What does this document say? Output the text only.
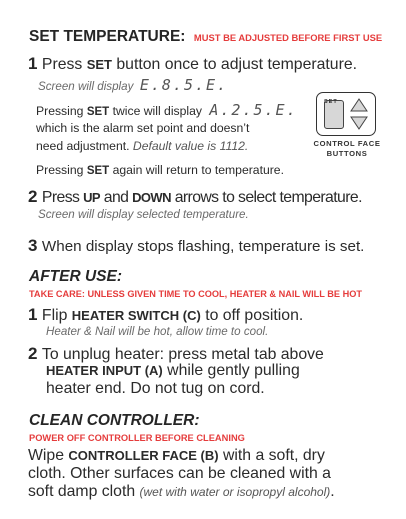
SET TEMPERATURE: MUST BE ADJUSTED BEFORE FIRST USE
1 Press SET button once to adjust temperature.
Screen will display E.8.5.E.
Pressing SET twice will display A.2.5.E.
which is the alarm set point and doesn’t
need adjustment. Default value is 1112.
Pressing SET again will return to temperature.
SET
CONTROL FACE
BUTTONS
2 Press UP and DOWN arrows to select temperature.
Screen will display selected temperature.
3 When display stops flashing, temperature is set.
AFTER USE:
TAKE CARE: UNLESS GIVEN TIME TO COOL, HEATER & NAIL WILL BE HOT
1 Flip HEATER SWITCH (C) to off position.
Heater & Nail will be hot, allow time to cool.
2 To unplug heater: press metal tab above
HEATER INPUT (A) while gently pulling
heater end. Do not tug on cord.
CLEAN CONTROLLER:
POWER OFF CONTROLLER BEFORE CLEANING
Wipe CONTROLLER FACE (B) with a soft, dry
cloth. Other surfaces can be cleaned with a
soft damp cloth (wet with water or isopropyl alcohol).
